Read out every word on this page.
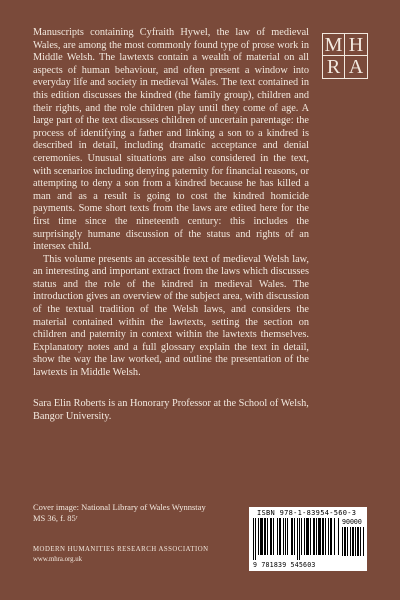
M H
R A

Manuscripts containing Cyfraith Hywel, the law of medieval Wales, are among the most commonly found type of prose work in Middle Welsh. The lawtexts contain a wealth of material on all aspects of human behaviour, and often present a window into everyday life and society in medieval Wales. The text contained in this edition discusses the kindred (the family group), children and their rights, and the role children play until they come of age. A large part of the text discusses children of uncertain parentage: the process of identifying a father and linking a son to a kindred is described in detail, including dramatic acceptance and denial ceremonies. Unusual situations are also considered in the text, with scenarios including denying paternity for financial reasons, or attempting to deny a son from a kindred because he has killed a man and as a result is going to cost the kindred homicide payments. Some short texts from the laws are edited here for the first time since the nineteenth century: this includes the surprisingly humane discussion of the status and rights of an intersex child.

This volume presents an accessible text of medieval Welsh law, an interesting and important extract from the laws which discusses status and the role of the kindred in medieval Wales. The introduction gives an overview of the subject area, with discussion of the textual tradition of the Welsh laws, and considers the material contained within the lawtexts, setting the section on children and paternity in context within the lawtexts themselves. Explanatory notes and a full glossary explain the text in detail, show the way the law worked, and outline the presentation of the lawtexts in Middle Welsh.

Sara Elin Roberts is an Honorary Professor at the School of Welsh, Bangor University.
Cover image: National Library of Wales Wynnstay
MS 36, f. 85ʳ
MODERN HUMANITIES RESEARCH ASSOCIATION
www.mhra.org.uk
ISBN 978-1-83954-560-3
9 781839 545603
90000
